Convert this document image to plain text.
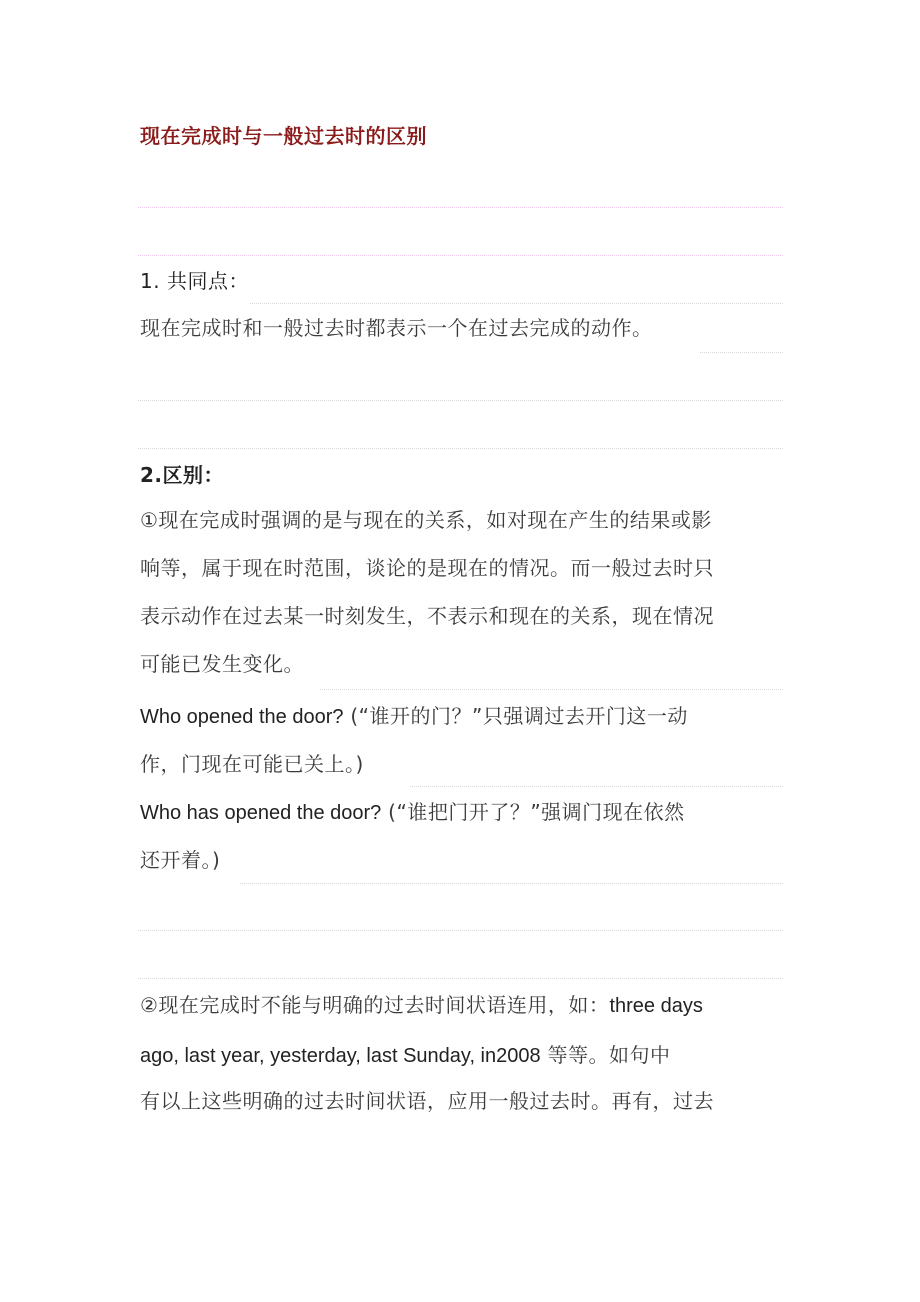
现在完成时与一般过去时的区别
1. 共同点：
现在完成时和一般过去时都表示一个在过去完成的动作。
2.区别：
①现在完成时强调的是与现在的关系，如对现在产生的结果或影
响等，属于现在时范围，谈论的是现在的情况。而一般过去时只
表示动作在过去某一时刻发生，不表示和现在的关系，现在情况
可能已发生变化。
Who opened the door? (“谁开的门？”只强调过去开门这一动
作，门现在可能已关上。)
Who has opened the door? (“谁把门开了？”强调门现在依然
还开着。)
②现在完成时不能与明确的过去时间状语连用，如：three days
ago, last year, yesterday, last Sunday, in2008 等等。如句中
有以上这些明确的过去时间状语，应用一般过去时。再有，过去
